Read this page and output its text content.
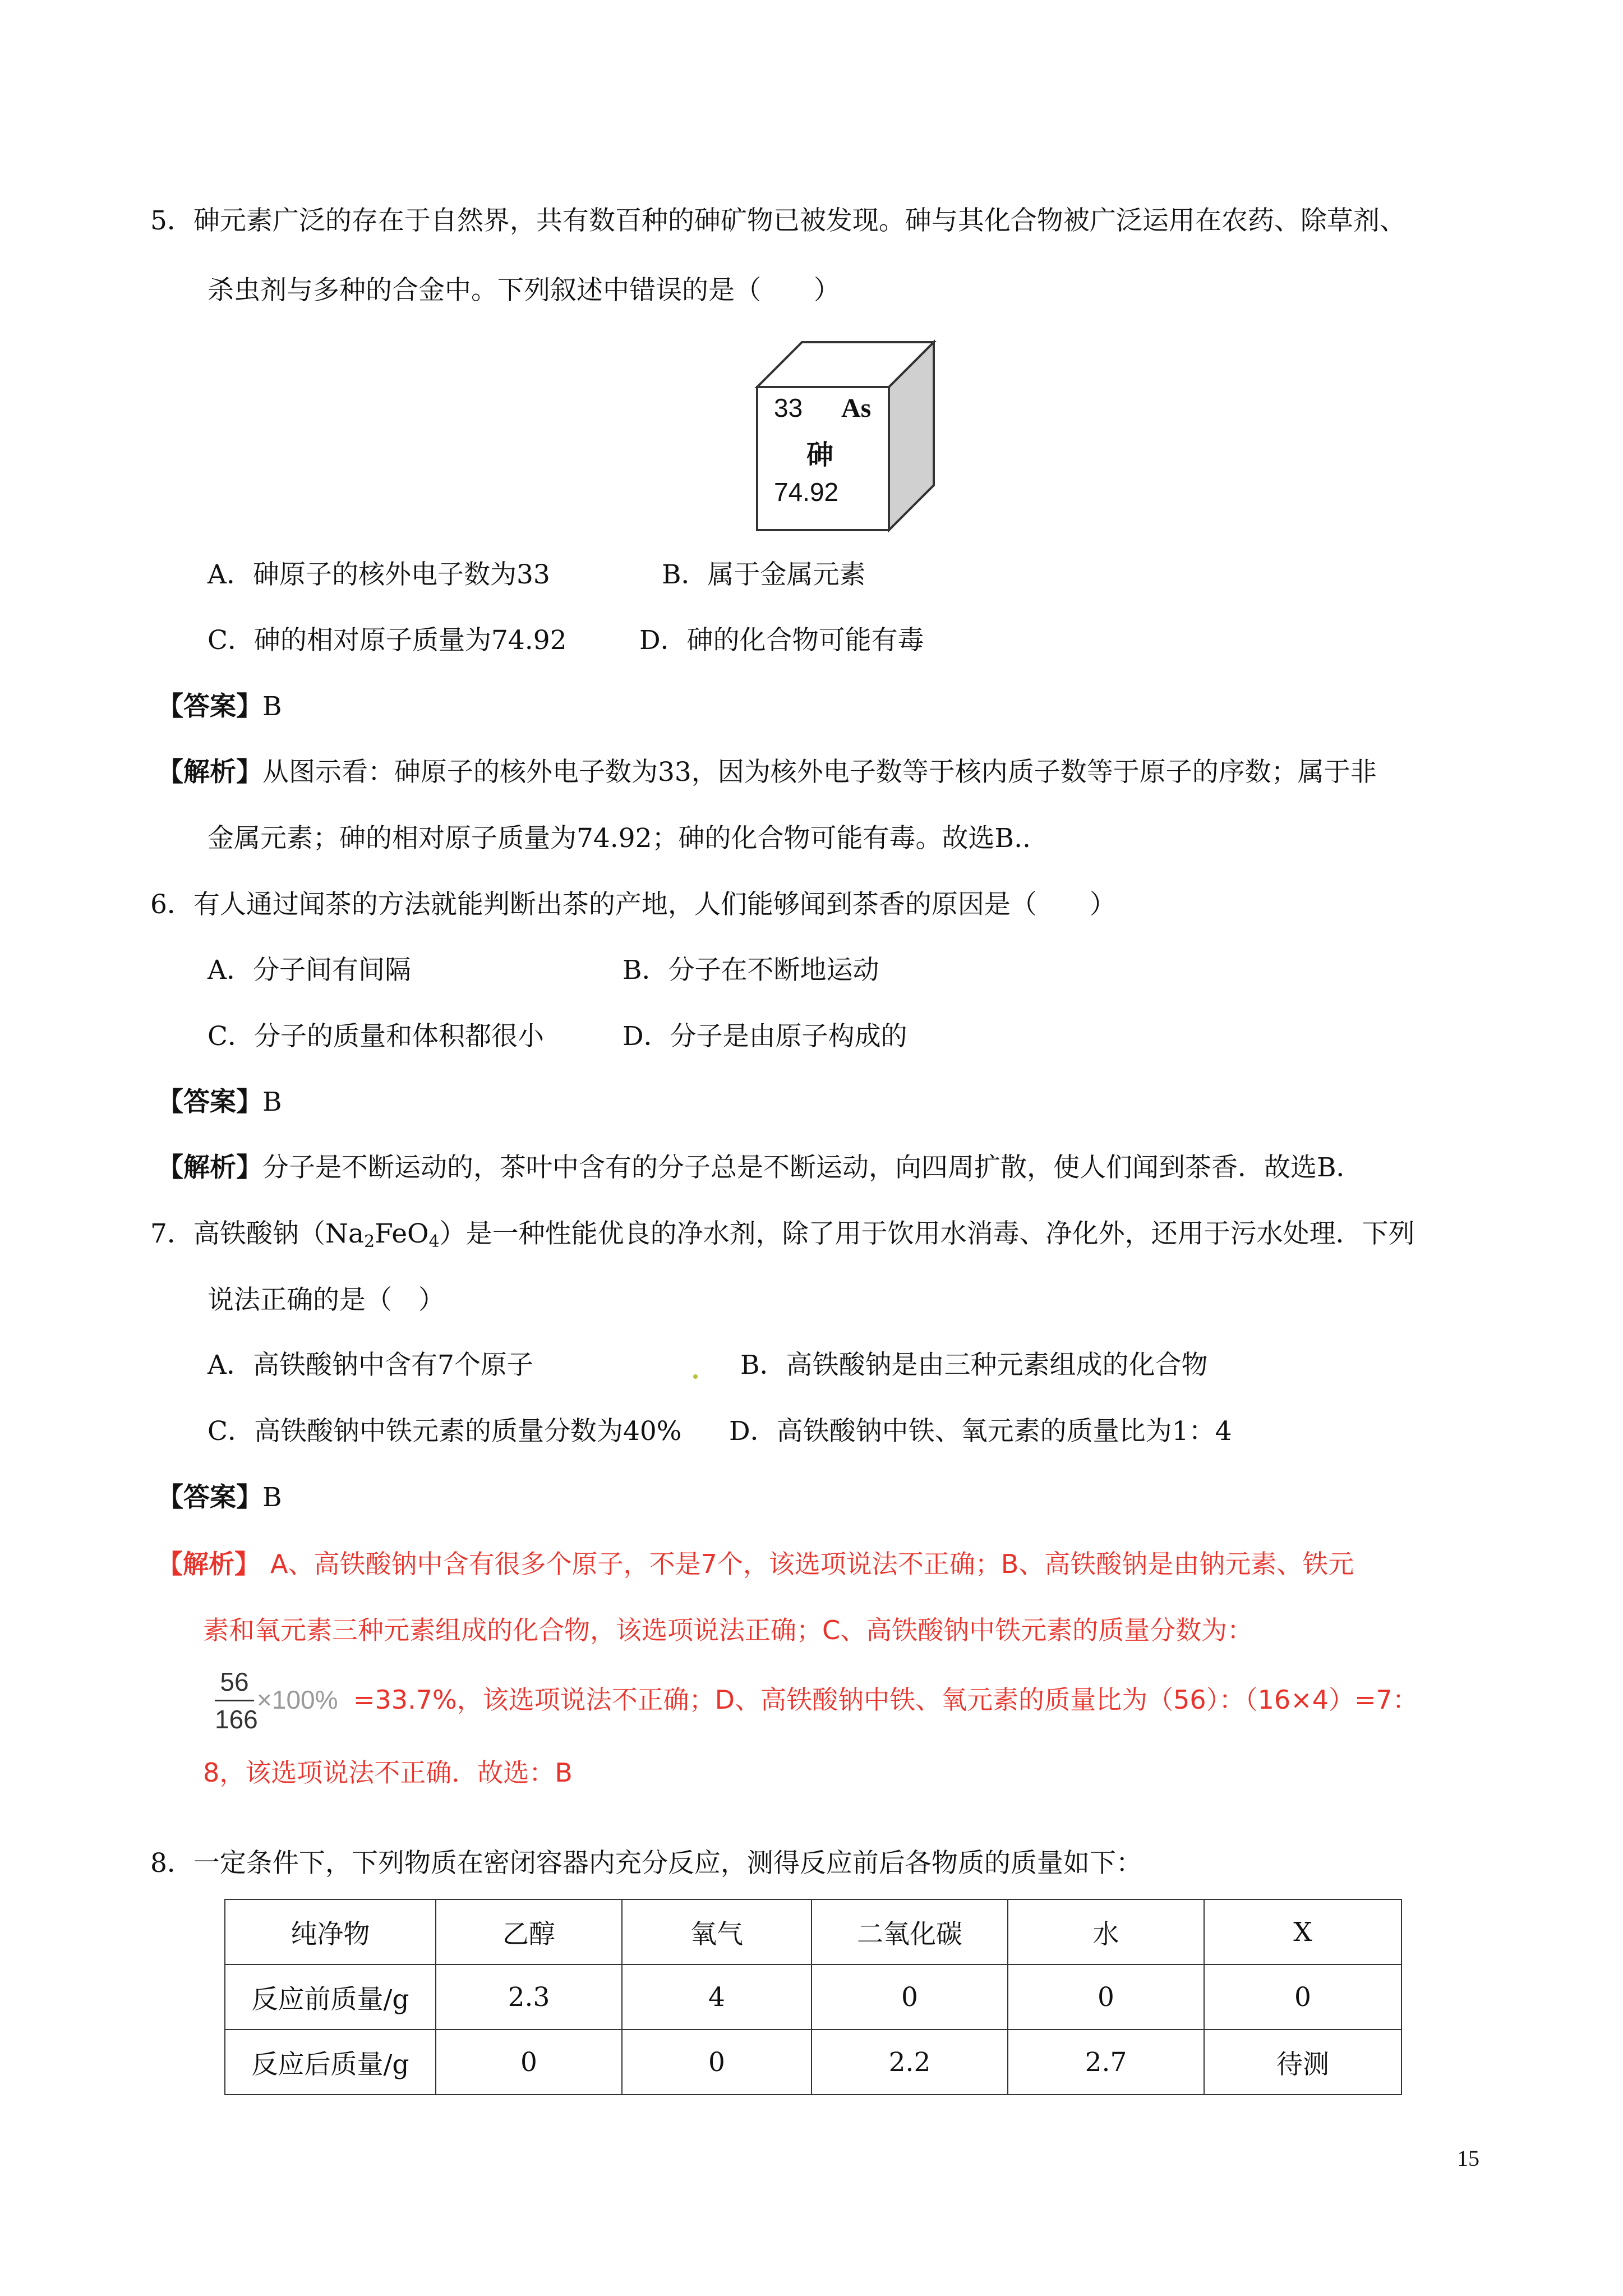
5．砷元素广泛的存在于自然界，共有数百种的砷矿物已被发现。砷与其化合物被广泛运用在农药、除草剂、
杀虫剂与多种的合金中。下列叙述中错误的是（　　）
33 As
砷
74.92
A．砷原子的核外电子数为33	B．属于金属元素
C．砷的相对原子质量为74.92	D．砷的化合物可能有毒
【答案】B
【解析】从图示看：砷原子的核外电子数为33，因为核外电子数等于核内质子数等于原子的序数；属于非
金属元素；砷的相对原子质量为74.92；砷的化合物可能有毒。故选B..
6．有人通过闻茶的方法就能判断出茶的产地，人们能够闻到茶香的原因是（　　）
A．分子间有间隔	B．分子在不断地运动
C．分子的质量和体积都很小	D．分子是由原子构成的
【答案】B
【解析】分子是不断运动的，茶叶中含有的分子总是不断运动，向四周扩散，使人们闻到茶香．故选B．
7．高铁酸钠$(Na_2FeO_4)$是一种性能优良的净水剂，除了用于饮用水消毒、净化外，还用于污水处理．下列
说法正确的是（　）
A．高铁酸钠中含有7个原子	B．高铁酸钠是由三种元素组成的化合物
C．高铁酸钠中铁元素的质量分数为40% D．高铁酸钠中铁、氧元素的质量比为1：4
【答案】B
【解析】 A、高铁酸钠中含有很多个原子，不是7个，该选项说法不正确；B、高铁酸钠是由钠元素、铁元
素和氧元素三种元素组成的化合物，该选项说法正确；C、高铁酸钠中铁元素的质量分数为：
56
166
×100% =33.7%，该选项说法不正确；D、高铁酸钠中铁、氧元素的质量比为（56）：（16×4）=7：
8，该选项说法不正确．故选：B
8．一定条件下，下列物质在密闭容器内充分反应，测得反应前后各物质的质量如下：
纯净物	乙醇	氧气	二氧化碳	水	X
反应前质量/g	2.3	4	0	0	0
反应后质量/g	0	0	2.2	2.7	待测
15
